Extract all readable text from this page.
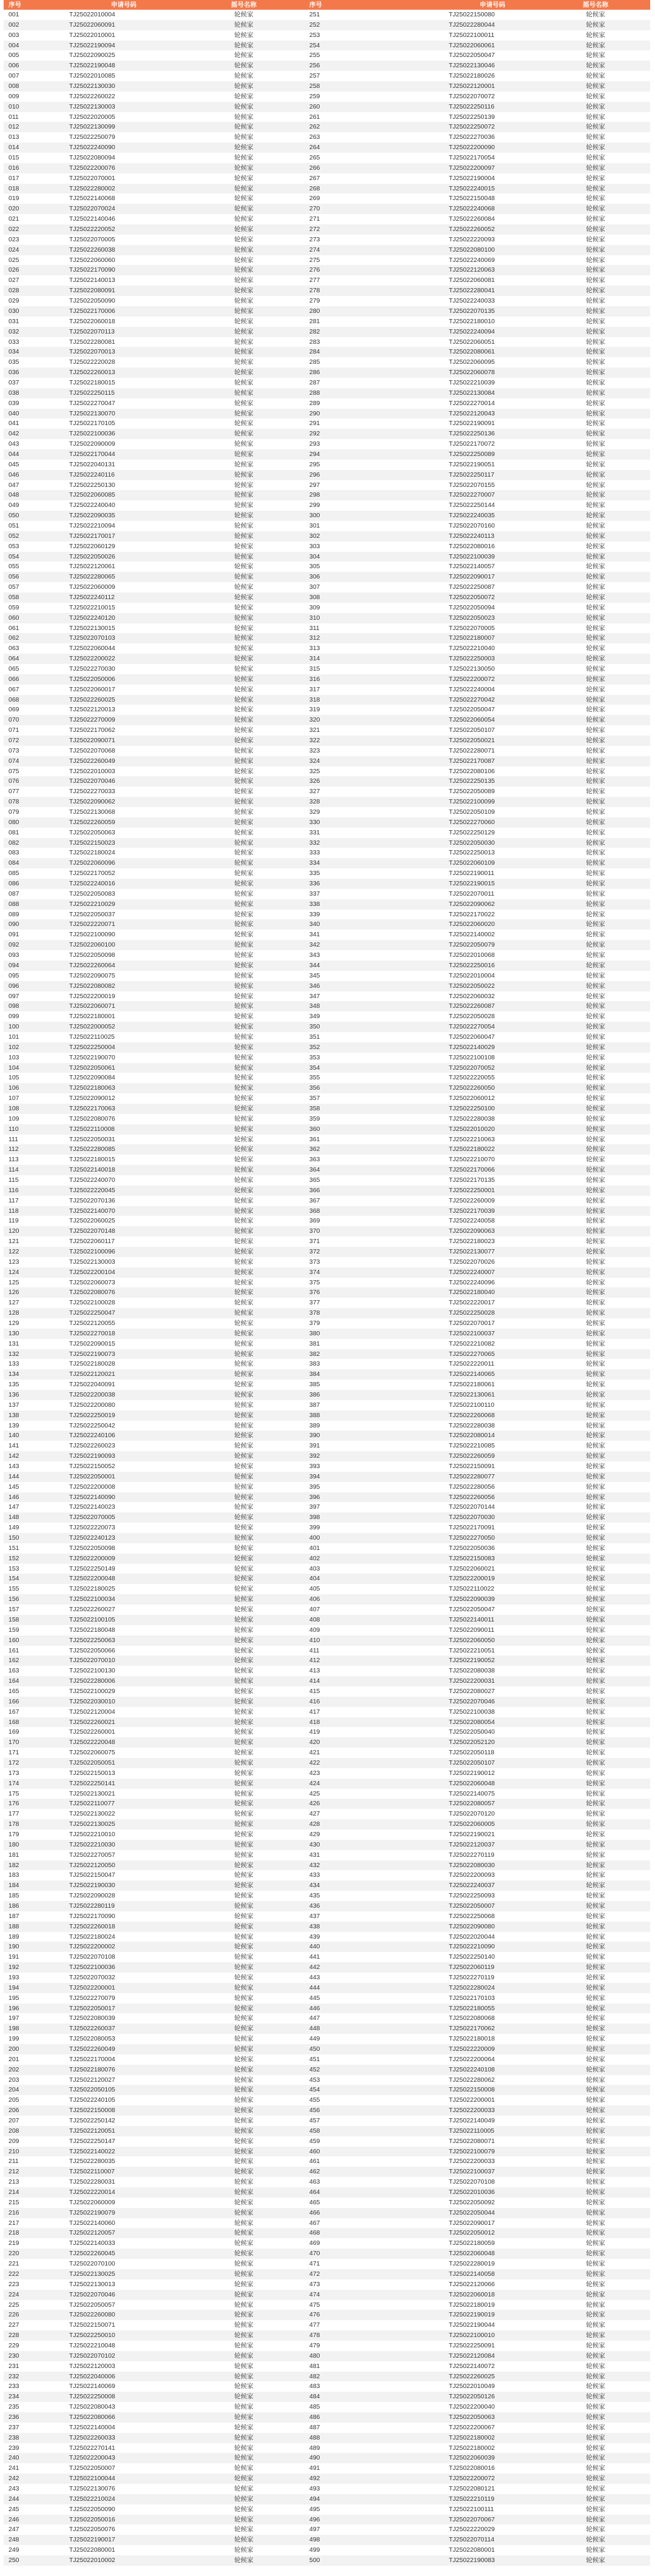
序号	申请号码	摇号名称	序号	申请号码	摇号名称
001	TJ25022010004	轮候家	251	TJ25022150080	轮候家
002	TJ25022060091	轮候家	252	TJ25022280044	轮候家
003	TJ25022010001	轮候家	253	TJ25022100011	轮候家
004	TJ25022190094	轮候家	254	TJ25022060061	轮候家
005	TJ25022090025	轮候家	255	TJ25022050047	轮候家
006	TJ25022190048	轮候家	256	TJ25022130046	轮候家
007	TJ25022010085	轮候家	257	TJ25022180026	轮候家
008	TJ25022130030	轮候家	258	TJ25022120001	轮候家
009	TJ25022260022	轮候家	259	TJ25022070072	轮候家
010	TJ25022130003	轮候家	260	TJ25022250116	轮候家
011	TJ25022020005	轮候家	261	TJ25022250139	轮候家
012	TJ25022130099	轮候家	262	TJ25022250072	轮候家
013	TJ25022250079	轮候家	263	TJ25022270036	轮候家
014	TJ25022240090	轮候家	264	TJ25022200090	轮候家
015	TJ25022080094	轮候家	265	TJ25022170054	轮候家
016	TJ25022200076	轮候家	266	TJ25022200097	轮候家
017	TJ25022070001	轮候家	267	TJ25022190004	轮候家
018	TJ25022280002	轮候家	268	TJ25022240015	轮候家
019	TJ25022140068	轮候家	269	TJ25022150048	轮候家
020	TJ25022070024	轮候家	270	TJ25022240068	轮候家
021	TJ25022140046	轮候家	271	TJ25022260084	轮候家
022	TJ25022220052	轮候家	272	TJ25022260052	轮候家
023	TJ25022070005	轮候家	273	TJ25022220093	轮候家
024	TJ25022260038	轮候家	274	TJ25022080100	轮候家
025	TJ25022060060	轮候家	275	TJ25022240069	轮候家
026	TJ25022170090	轮候家	276	TJ25022120063	轮候家
027	TJ25022140013	轮候家	277	TJ25022060081	轮候家
028	TJ25022080091	轮候家	278	TJ25022280041	轮候家
029	TJ25022050090	轮候家	279	TJ25022240033	轮候家
030	TJ25022170006	轮候家	280	TJ25022070135	轮候家
031	TJ25022060018	轮候家	281	TJ25022180010	轮候家
032	TJ25022070113	轮候家	282	TJ25022240094	轮候家
033	TJ25022280081	轮候家	283	TJ25022060051	轮候家
034	TJ25022070013	轮候家	284	TJ25022080061	轮候家
035	TJ25022220028	轮候家	285	TJ25022060095	轮候家
036	TJ25022260013	轮候家	286	TJ25022060078	轮候家
037	TJ25022180015	轮候家	287	TJ25022210039	轮候家
038	TJ25022250115	轮候家	288	TJ25022130084	轮候家
039	TJ25022270047	轮候家	289	TJ25022270014	轮候家
040	TJ25022130070	轮候家	290	TJ25022120043	轮候家
041	TJ25022170105	轮候家	291	TJ25022190091	轮候家
042	TJ25022100036	轮候家	292	TJ25022250136	轮候家
043	TJ25022090009	轮候家	293	TJ25022170072	轮候家
044	TJ25022170044	轮候家	294	TJ25022250089	轮候家
045	TJ25022040131	轮候家	295	TJ25022190051	轮候家
046	TJ25022240116	轮候家	296	TJ25022250117	轮候家
047	TJ25022250130	轮候家	297	TJ25022070155	轮候家
048	TJ25022060085	轮候家	298	TJ25022270007	轮候家
049	TJ25022240040	轮候家	299	TJ25022250144	轮候家
050	TJ25022090035	轮候家	300	TJ25022240035	轮候家
051	TJ25022210094	轮候家	301	TJ25022070160	轮候家
052	TJ25022170017	轮候家	302	TJ25022240113	轮候家
053	TJ25022060129	轮候家	303	TJ25022080016	轮候家
054	TJ25022050026	轮候家	304	TJ25022100039	轮候家
055	TJ25022120061	轮候家	305	TJ25022140057	轮候家
056	TJ25022280065	轮候家	306	TJ25022090017	轮候家
057	TJ25022060009	轮候家	307	TJ25022250087	轮候家
058	TJ25022240112	轮候家	308	TJ25022050072	轮候家
059	TJ25022210015	轮候家	309	TJ25022050094	轮候家
060	TJ25022240120	轮候家	310	TJ25022050023	轮候家
061	TJ25022130015	轮候家	311	TJ25022070005	轮候家
062	TJ25022070103	轮候家	312	TJ25022180007	轮候家
063	TJ25022060044	轮候家	313	TJ25022210040	轮候家
064	TJ25022200022	轮候家	314	TJ25022250003	轮候家
065	TJ25022270030	轮候家	315	TJ25022130050	轮候家
066	TJ25022050006	轮候家	316	TJ25022200072	轮候家
067	TJ25022060017	轮候家	317	TJ25022240004	轮候家
068	TJ25022260025	轮候家	318	TJ25022270042	轮候家
069	TJ25022120013	轮候家	319	TJ25022050047	轮候家
070	TJ25022270009	轮候家	320	TJ25022060054	轮候家
071	TJ25022170062	轮候家	321	TJ25022050107	轮候家
072	TJ25022090071	轮候家	322	TJ25022050021	轮候家
073	TJ25022070068	轮候家	323	TJ25022280071	轮候家
074	TJ25022260049	轮候家	324	TJ25022170087	轮候家
075	TJ25022010003	轮候家	325	TJ25022080106	轮候家
076	TJ25022070046	轮候家	326	TJ25022250135	轮候家
077	TJ25022270033	轮候家	327	TJ25022050089	轮候家
078	TJ25022090062	轮候家	328	TJ25022100099	轮候家
079	TJ25022130068	轮候家	329	TJ25022050109	轮候家
080	TJ25022260059	轮候家	330	TJ25022270060	轮候家
081	TJ25022050063	轮候家	331	TJ25022250129	轮候家
082	TJ25022150023	轮候家	332	TJ25022050030	轮候家
083	TJ25022180024	轮候家	333	TJ25022250013	轮候家
084	TJ25022060096	轮候家	334	TJ25022060109	轮候家
085	TJ25022170052	轮候家	335	TJ25022190011	轮候家
086	TJ25022240016	轮候家	336	TJ25022190015	轮候家
087	TJ25022050083	轮候家	337	TJ25022070011	轮候家
088	TJ25022210029	轮候家	338	TJ25022090062	轮候家
089	TJ25022050037	轮候家	339	TJ25022170022	轮候家
090	TJ25022220071	轮候家	340	TJ25022060020	轮候家
091	TJ25022100090	轮候家	341	TJ25022140002	轮候家
092	TJ25022060100	轮候家	342	TJ25022050079	轮候家
093	TJ25022050098	轮候家	343	TJ25022010068	轮候家
094	TJ25022260064	轮候家	344	TJ25022250016	轮候家
095	TJ25022090075	轮候家	345	TJ25022010004	轮候家
096	TJ25022080082	轮候家	346	TJ25022050022	轮候家
097	TJ25022200019	轮候家	347	TJ25022060032	轮候家
098	TJ25022060071	轮候家	348	TJ25022260087	轮候家
099	TJ25022180001	轮候家	349	TJ25022050028	轮候家
100	TJ25022000052	轮候家	350	TJ25022270054	轮候家
101	TJ25022110025	轮候家	351	TJ25022060047	轮候家
102	TJ25022250004	轮候家	352	TJ25022140029	轮候家
103	TJ25022190070	轮候家	353	TJ25022100108	轮候家
104	TJ25022050061	轮候家	354	TJ25022070052	轮候家
105	TJ25022090084	轮候家	355	TJ25022220055	轮候家
106	TJ25022180063	轮候家	356	TJ25022260050	轮候家
107	TJ25022090012	轮候家	357	TJ25022060012	轮候家
108	TJ25022170063	轮候家	358	TJ25022250100	轮候家
109	TJ25022080076	轮候家	359	TJ25022280038	轮候家
110	TJ25022110008	轮候家	360	TJ25022010020	轮候家
111	TJ25022050031	轮候家	361	TJ25022210063	轮候家
112	TJ25022280085	轮候家	362	TJ25022180022	轮候家
113	TJ25022180015	轮候家	363	TJ25022210070	轮候家
114	TJ25022140018	轮候家	364	TJ25022170066	轮候家
115	TJ25022240070	轮候家	365	TJ25022170135	轮候家
116	TJ25022220045	轮候家	366	TJ25022250001	轮候家
117	TJ25022070136	轮候家	367	TJ25022260009	轮候家
118	TJ25022140070	轮候家	368	TJ25022170039	轮候家
119	TJ25022060025	轮候家	369	TJ25022240058	轮候家
120	TJ25022070148	轮候家	370	TJ25022090063	轮候家
121	TJ25022060117	轮候家	371	TJ25022180023	轮候家
122	TJ25022100096	轮候家	372	TJ25022130077	轮候家
123	TJ25022130003	轮候家	373	TJ25022070026	轮候家
124	TJ25022200104	轮候家	374	TJ25022240007	轮候家
125	TJ25022060073	轮候家	375	TJ25022240096	轮候家
126	TJ25022080076	轮候家	376	TJ25022180040	轮候家
127	TJ25022100028	轮候家	377	TJ25022220017	轮候家
128	TJ25022250047	轮候家	378	TJ25022250028	轮候家
129	TJ25022120055	轮候家	379	TJ25022070017	轮候家
130	TJ25022270018	轮候家	380	TJ25022100037	轮候家
131	TJ25022090015	轮候家	381	TJ25022210082	轮候家
132	TJ25022190073	轮候家	382	TJ25022270065	轮候家
133	TJ25022180028	轮候家	383	TJ25022220011	轮候家
134	TJ25022120021	轮候家	384	TJ25022140065	轮候家
135	TJ25022040091	轮候家	385	TJ25022180061	轮候家
136	TJ25022200038	轮候家	386	TJ25022130061	轮候家
137	TJ25022200080	轮候家	387	TJ25022100110	轮候家
138	TJ25022250019	轮候家	388	TJ25022260068	轮候家
139	TJ25022250042	轮候家	389	TJ25022280038	轮候家
140	TJ25022240106	轮候家	390	TJ25022080014	轮候家
141	TJ25022260023	轮候家	391	TJ25022210085	轮候家
142	TJ25022190093	轮候家	392	TJ25022260059	轮候家
143	TJ25022150052	轮候家	393	TJ25022150091	轮候家
144	TJ25022050001	轮候家	394	TJ25022280077	轮候家
145	TJ25022200008	轮候家	395	TJ25022280056	轮候家
146	TJ25022140090	轮候家	396	TJ25022260056	轮候家
147	TJ25022140023	轮候家	397	TJ25022070144	轮候家
148	TJ25022070005	轮候家	398	TJ25022070030	轮候家
149	TJ25022220073	轮候家	399	TJ25022170091	轮候家
150	TJ25022240123	轮候家	400	TJ25022270050	轮候家
151	TJ25022050098	轮候家	401	TJ25022050036	轮候家
152	TJ25022200009	轮候家	402	TJ25022150083	轮候家
153	TJ25022250149	轮候家	403	TJ25022060021	轮候家
154	TJ25022200048	轮候家	404	TJ25022200019	轮候家
155	TJ25022180025	轮候家	405	TJ25022110022	轮候家
156	TJ25022100034	轮候家	406	TJ25022090039	轮候家
157	TJ25022260027	轮候家	407	TJ25022050047	轮候家
158	TJ25022100105	轮候家	408	TJ25022140011	轮候家
159	TJ25022180048	轮候家	409	TJ25022090011	轮候家
160	TJ25022250063	轮候家	410	TJ25022060050	轮候家
161	TJ25022050066	轮候家	411	TJ25022210051	轮候家
162	TJ25022070010	轮候家	412	TJ25022190052	轮候家
163	TJ25022100130	轮候家	413	TJ25022080038	轮候家
164	TJ25022280006	轮候家	414	TJ25022200031	轮候家
165	TJ25022100029	轮候家	415	TJ25022080027	轮候家
166	TJ25022030010	轮候家	416	TJ25022070046	轮候家
167	TJ25022120004	轮候家	417	TJ25022100038	轮候家
168	TJ25022260021	轮候家	418	TJ25022080054	轮候家
169	TJ25022260001	轮候家	419	TJ25022050040	轮候家
170	TJ25022220048	轮候家	420	TJ25022052120	轮候家
171	TJ25022060075	轮候家	421	TJ25022050118	轮候家
172	TJ25022050051	轮候家	422	TJ25022050107	轮候家
173	TJ25022150013	轮候家	423	TJ25022190012	轮候家
174	TJ25022250141	轮候家	424	TJ25022060048	轮候家
175	TJ25022130021	轮候家	425	TJ25022140075	轮候家
176	TJ25022110077	轮候家	426	TJ25022080057	轮候家
177	TJ25022130022	轮候家	427	TJ25022070120	轮候家
178	TJ25022130025	轮候家	428	TJ25022060005	轮候家
179	TJ25022210010	轮候家	429	TJ25022190021	轮候家
180	TJ25022210030	轮候家	430	TJ25022120037	轮候家
181	TJ25022270057	轮候家	431	TJ25022270119	轮候家
182	TJ25022120050	轮候家	432	TJ25022080030	轮候家
183	TJ25022150047	轮候家	433	TJ25022200093	轮候家
184	TJ25022190030	轮候家	434	TJ25022240037	轮候家
185	TJ25022090028	轮候家	435	TJ25022250093	轮候家
186	TJ25022280119	轮候家	436	TJ25022050007	轮候家
187	TJ25022170090	轮候家	437	TJ25022250068	轮候家
188	TJ25022260018	轮候家	438	TJ25022090080	轮候家
189	TJ25022180024	轮候家	439	TJ25022020044	轮候家
190	TJ25022200002	轮候家	440	TJ25022210090	轮候家
191	TJ25022070108	轮候家	441	TJ25022250140	轮候家
192	TJ25022100036	轮候家	442	TJ25022060119	轮候家
193	TJ25022070032	轮候家	443	TJ25022270119	轮候家
194	TJ25022200001	轮候家	444	TJ25022280024	轮候家
195	TJ25022270079	轮候家	445	TJ25022170103	轮候家
196	TJ25022050017	轮候家	446	TJ25022180055	轮候家
197	TJ25022080039	轮候家	447	TJ25022080068	轮候家
198	TJ25022260037	轮候家	448	TJ25022170062	轮候家
199	TJ25022080053	轮候家	449	TJ25022180018	轮候家
200	TJ25022260049	轮候家	450	TJ25022220009	轮候家
201	TJ25022170004	轮候家	451	TJ25022200064	轮候家
202	TJ25022180076	轮候家	452	TJ25022240108	轮候家
203	TJ25022120027	轮候家	453	TJ25022280062	轮候家
204	TJ25022050105	轮候家	454	TJ25022150008	轮候家
205	TJ25022240105	轮候家	455	TJ25022200001	轮候家
206	TJ25022150008	轮候家	456	TJ25022200033	轮候家
207	TJ25022250142	轮候家	457	TJ25022140049	轮候家
208	TJ25022120051	轮候家	458	TJ25022110005	轮候家
209	TJ25022250147	轮候家	459	TJ25022080071	轮候家
210	TJ25022140022	轮候家	460	TJ25022100079	轮候家
211	TJ25022280035	轮候家	461	TJ25022200033	轮候家
212	TJ25022110007	轮候家	462	TJ25022100037	轮候家
213	TJ25022280031	轮候家	463	TJ25022070108	轮候家
214	TJ25022220014	轮候家	464	TJ25022010036	轮候家
215	TJ25022060009	轮候家	465	TJ25022050092	轮候家
216	TJ25022190079	轮候家	466	TJ25022050044	轮候家
217	TJ25022140060	轮候家	467	TJ25022090017	轮候家
218	TJ25022120057	轮候家	468	TJ25022050012	轮候家
219	TJ25022140033	轮候家	469	TJ25022180059	轮候家
220	TJ25022260045	轮候家	470	TJ25022060048	轮候家
221	TJ25022070100	轮候家	471	TJ25022280019	轮候家
222	TJ25022130025	轮候家	472	TJ25022140058	轮候家
223	TJ25022130013	轮候家	473	TJ25022120066	轮候家
224	TJ25022070046	轮候家	474	TJ25022060018	轮候家
225	TJ25022050057	轮候家	475	TJ25022180019	轮候家
226	TJ25022260080	轮候家	476	TJ25022190019	轮候家
227	TJ25022150071	轮候家	477	TJ25022190044	轮候家
228	TJ25022250010	轮候家	478	TJ25022100010	轮候家
229	TJ25022210048	轮候家	479	TJ25022250091	轮候家
230	TJ25022070102	轮候家	480	TJ25022120084	轮候家
231	TJ25022120003	轮候家	481	TJ25022140072	轮候家
232	TJ25022040006	轮候家	482	TJ25022260025	轮候家
233	TJ25022140069	轮候家	483	TJ25022010049	轮候家
234	TJ25022250008	轮候家	484	TJ25022050126	轮候家
235	TJ25022080043	轮候家	485	TJ25022200040	轮候家
236	TJ25022080066	轮候家	486	TJ25022050063	轮候家
237	TJ25022140004	轮候家	487	TJ25022200067	轮候家
238	TJ25022260033	轮候家	488	TJ25022180002	轮候家
239	TJ25022270141	轮候家	489	TJ25022180002	轮候家
240	TJ25022200043	轮候家	490	TJ25022060039	轮候家
241	TJ25022050007	轮候家	491	TJ25022080016	轮候家
242	TJ25022100044	轮候家	492	TJ25022200072	轮候家
243	TJ25022130076	轮候家	493	TJ25022080121	轮候家
244	TJ25022210024	轮候家	494	TJ25022210119	轮候家
245	TJ25022050090	轮候家	495	TJ25022100111	轮候家
246	TJ25022050016	轮候家	496	TJ25022070067	轮候家
247	TJ25022050076	轮候家	497	TJ25022220029	轮候家
248	TJ25022190017	轮候家	498	TJ25022070114	轮候家
249	TJ25022080001	轮候家	499	TJ25022080001	轮候家
250	TJ25022010002	轮候家	500	TJ25022190083	轮候家
